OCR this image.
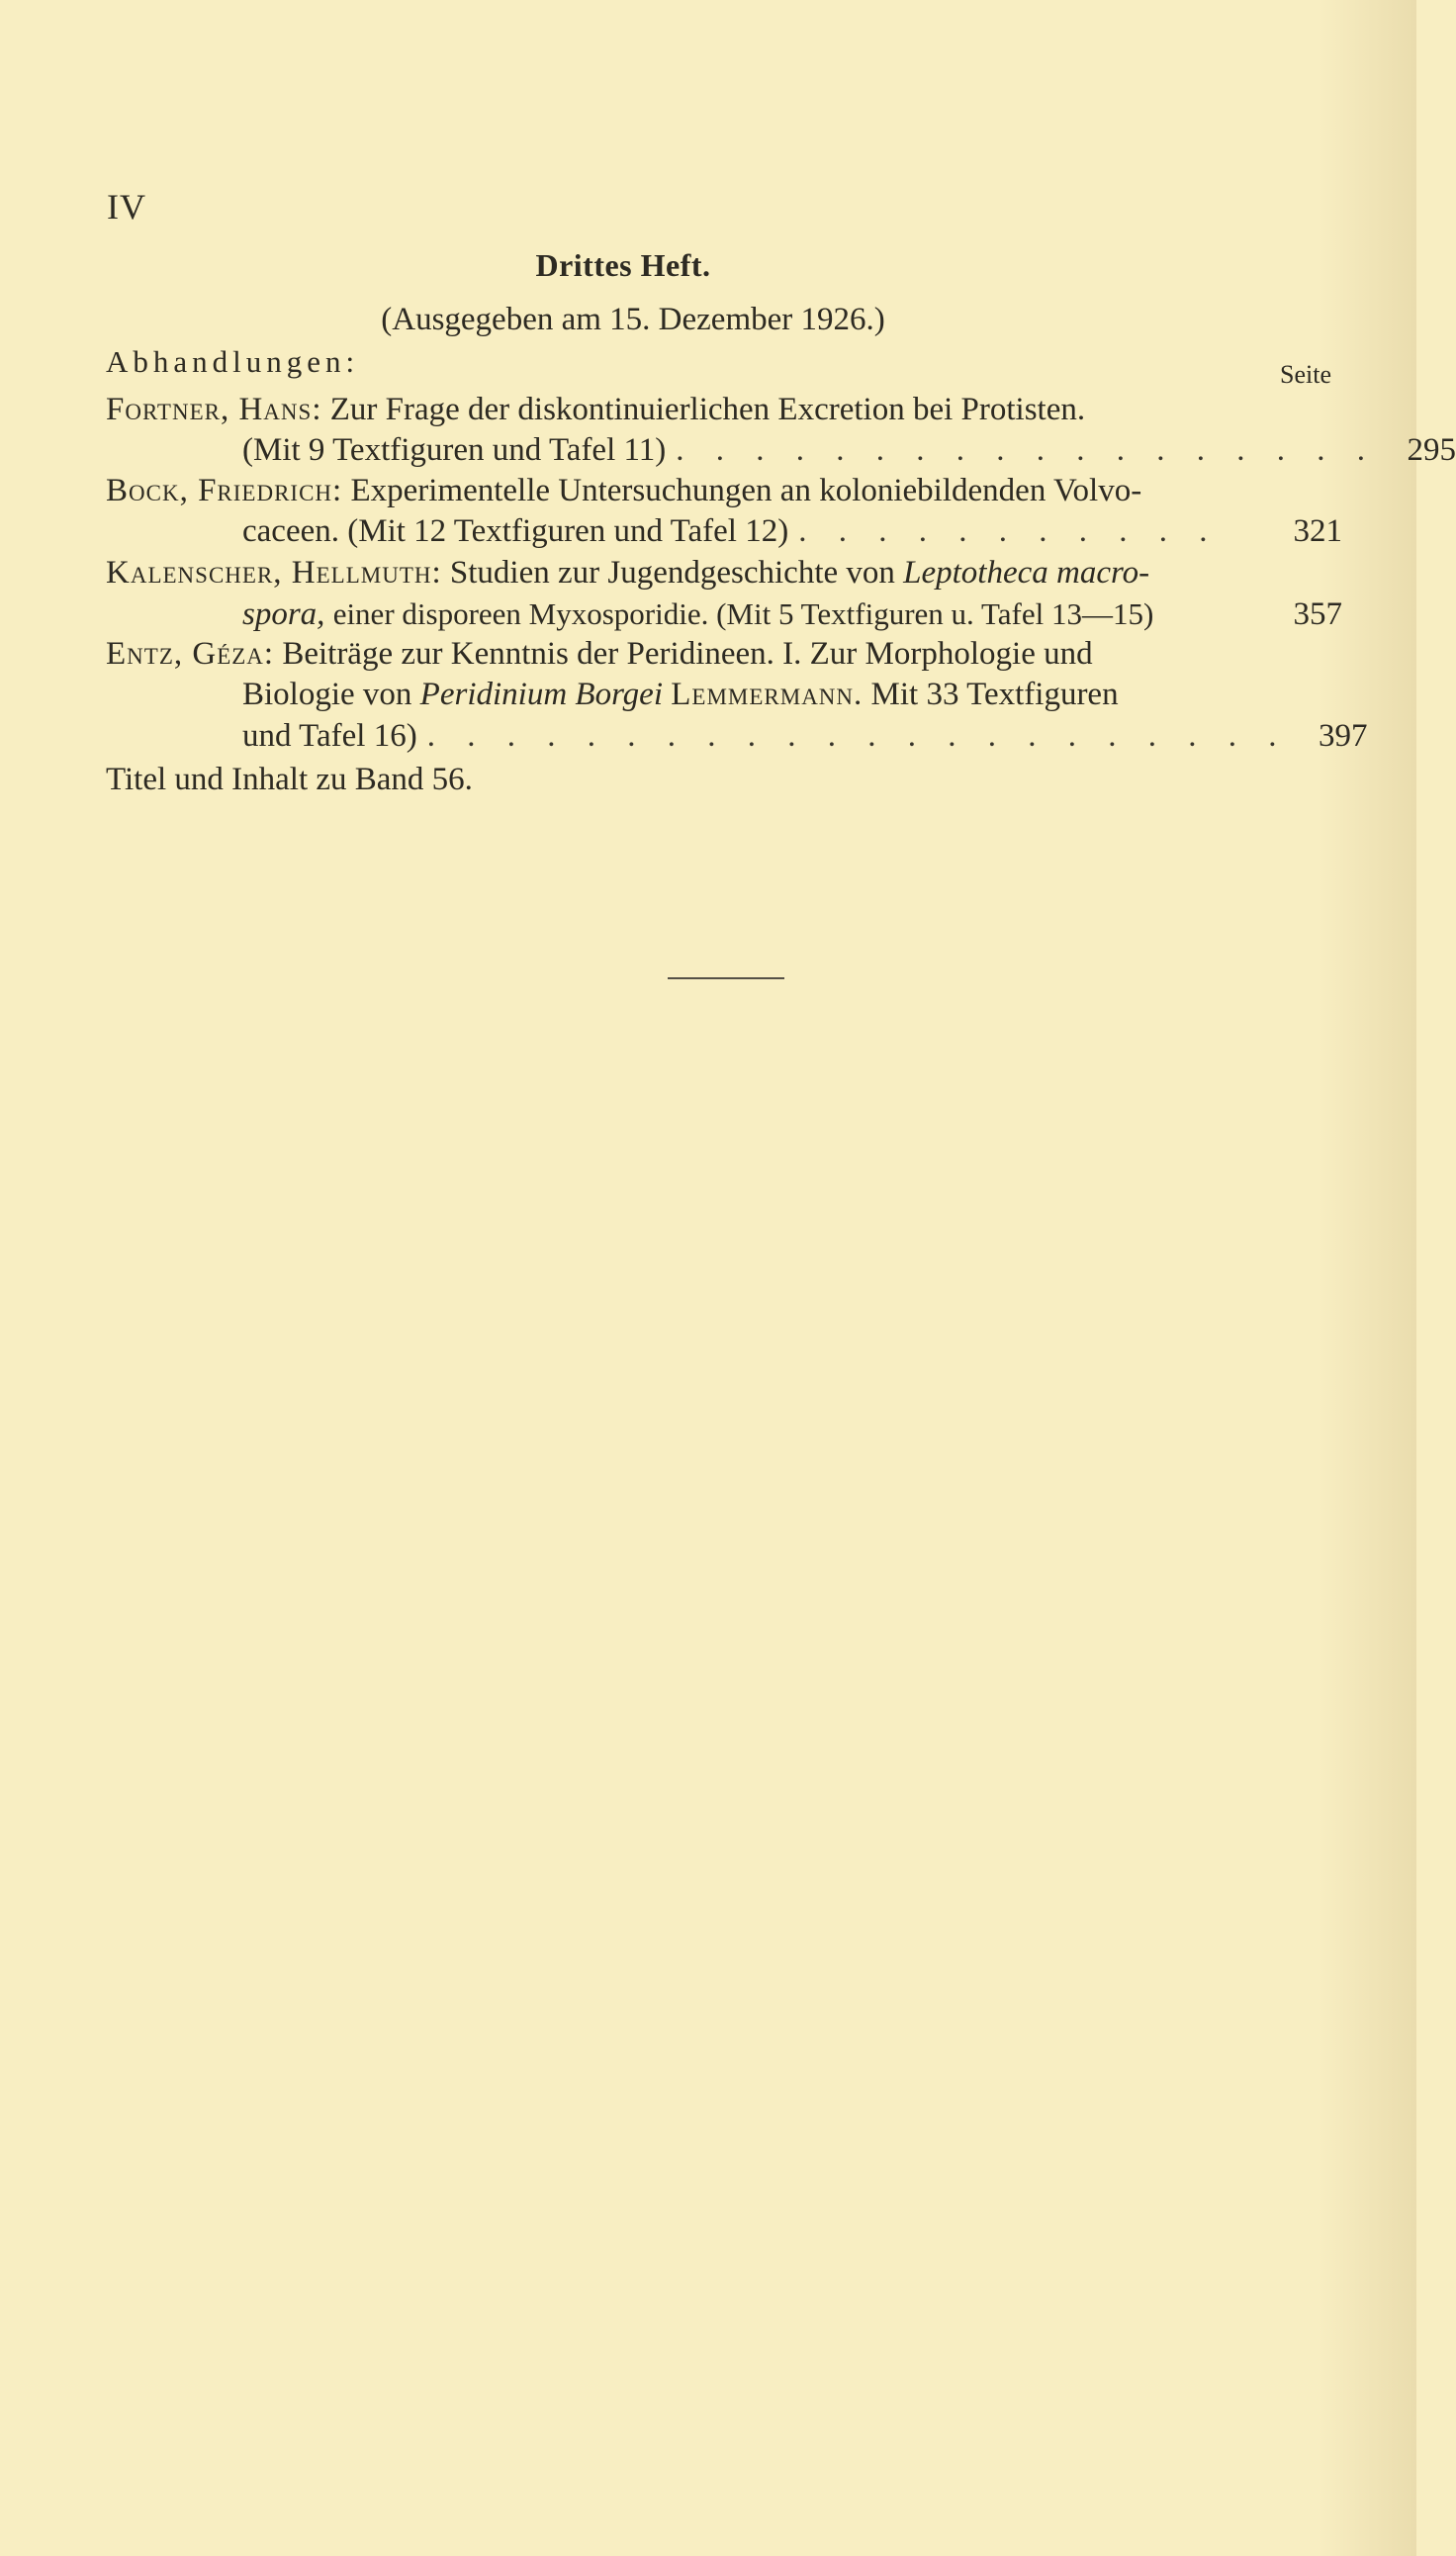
IV
Drittes Heft.
(Ausgegeben am 15. Dezember 1926.)
Abhandlungen:	Seite
Fortner, Hans: Zur Frage der diskontinuierlichen Excretion bei Protisten.
(Mit 9 Textfiguren und Tafel 11) . . . . . . . . . . . . . . . . . . 295
Bock, Friedrich: Experimentelle Untersuchungen an koloniebildenden Volvo-
caceen. (Mit 12 Textfiguren und Tafel 12) . . . . . . . . . . .	321
Kalenscher, Hellmuth: Studien zur Jugendgeschichte von Leptotheca macro-
spora, einer disporeen Myxosporidie. (Mit 5 Textfiguren u. Tafel 13—15)	357
Entz, Géza: Beiträge zur Kenntnis der Peridineen. I. Zur Morphologie und
Biologie von Peridinium Borgei Lemmermann. Mit 33 Textfiguren
und Tafel 16) . . . . . . . . . . . . . . . . . . . . . . 397
Titel und Inhalt zu Band 56.
